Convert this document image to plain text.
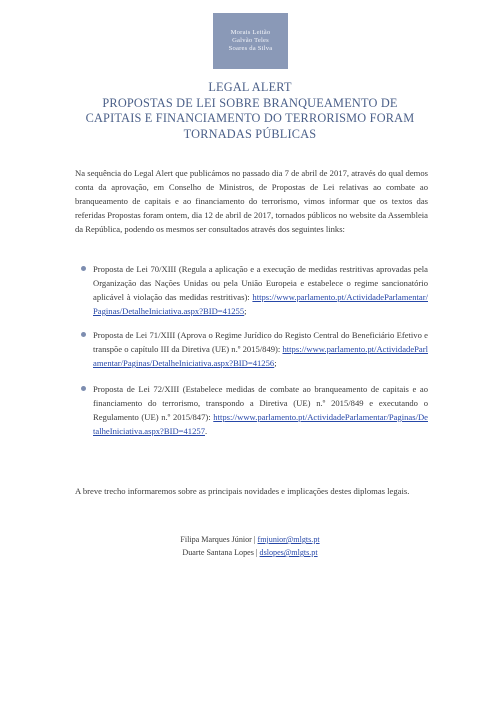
Morais Leitão
Galvão Teles
Soares da Silva
LEGAL ALERT
PROPOSTAS DE LEI SOBRE BRANQUEAMENTO DE
CAPITAIS E FINANCIAMENTO DO TERRORISMO FORAM
TORNADAS PÚBLICAS

Na sequência do Legal Alert que publicámos no passado dia 7 de abril de 2017, através do qual demos conta da aprovação, em Conselho de Ministros, de Propostas de Lei relativas ao combate ao branqueamento de capitais e ao financiamento do terrorismo, vimos informar que os textos das referidas Propostas foram ontem, dia 12 de abril de 2017, tornados públicos no website da Assembleia da República, podendo os mesmos ser consultados através dos seguintes links:

Proposta de Lei 70/XIII (Regula a aplicação e a execução de medidas restritivas aprovadas pela Organização das Nações Unidas ou pela União Europeia e estabelece o regime sancionatório aplicável à violação das medidas restritivas): https://www.parlamento.pt/ActividadeParlamentar/Paginas/DetalheIniciativa.aspx?BID=41255;
Proposta de Lei 71/XIII (Aprova o Regime Jurídico do Registo Central do Beneficiário Efetivo e transpõe o capítulo III da Diretiva (UE) n.º 2015/849): https://www.parlamento.pt/ActividadeParlamentar/Paginas/DetalheIniciativa.aspx?BID=41256;
Proposta de Lei 72/XIII (Estabelece medidas de combate ao branqueamento de capitais e ao financiamento do terrorismo, transpondo a Diretiva (UE) n.º 2015/849 e executando o Regulamento (UE) n.º 2015/847): https://www.parlamento.pt/ActividadeParlamentar/Paginas/DetalheIniciativa.aspx?BID=41257.

A breve trecho informaremos sobre as principais novidades e implicações destes diplomas legais.

Filipa Marques Júnior | fmjunior@mlgts.pt
Duarte Santana Lopes | dslopes@mlgts.pt
